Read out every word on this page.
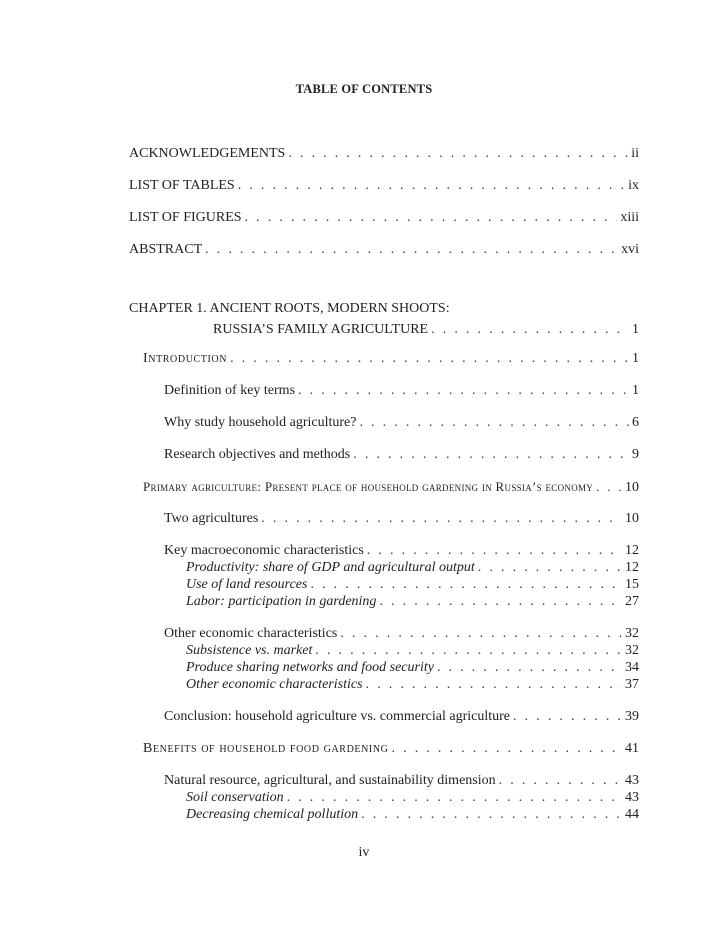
TABLE OF CONTENTS
ACKNOWLEDGEMENTS . . .	ii
LIST OF TABLES . . .	ix
LIST OF FIGURES . . .	xiii
ABSTRACT . . .	xvi
CHAPTER 1. ANCIENT ROOTS, MODERN SHOOTS:
RUSSIA’S FAMILY AGRICULTURE . . .	1
Introduction . . .	1
Definition of key terms . . .	1
Why study household agriculture? . . .	6
Research objectives and methods . . .	9
Primary agriculture: Present place of household gardening in Russia’s economy . . . 10
Two agricultures . . .	10
Key macroeconomic characteristics . . .	12
Productivity: share of GDP and agricultural output . . .	12
Use of land resources . . .	15
Labor: participation in gardening . . .	27
Other economic characteristics . . .	32
Subsistence vs. market . . .	32
Produce sharing networks and food security . . .	34
Other economic characteristics . . .	37
Conclusion: household agriculture vs. commercial agriculture . . .	39
Benefits of household food gardening . . .	41
Natural resource, agricultural, and sustainability dimension . . .	43
Soil conservation . . .	43
Decreasing chemical pollution . . .	44
iv
